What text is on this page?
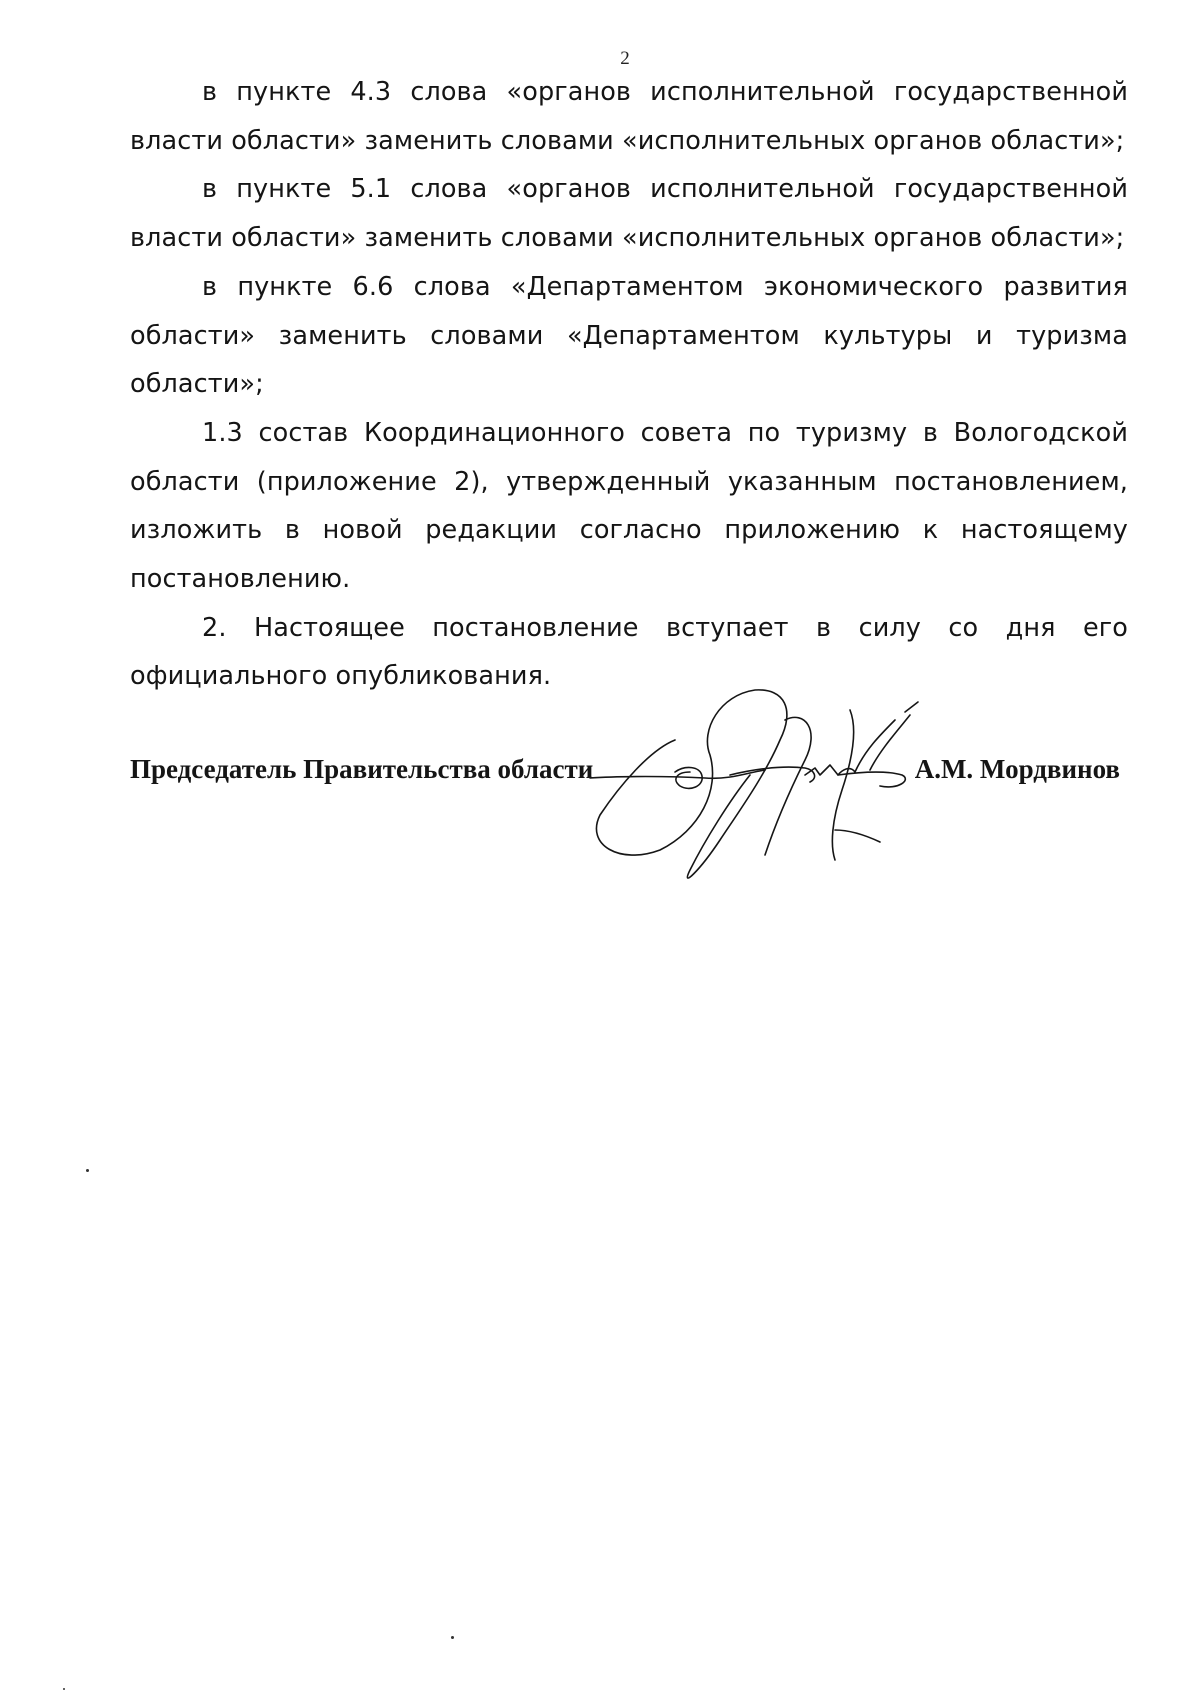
2

в пункте 4.3 слова «органов исполнительной государственной власти области» заменить словами «исполнительных органов области»;

в пункте 5.1 слова «органов исполнительной государственной власти области» заменить словами «исполнительных органов области»;

в пункте 6.6 слова «Департаментом экономического развития области» заменить словами «Департаментом культуры и туризма области»;

1.3 состав Координационного совета по туризму в Вологодской области (приложение 2), утвержденный указанным постановлением, изложить в новой редакции согласно приложению к настоящему постановлению.

2. Настоящее постановление вступает в силу со дня его официального опубликования.

Председатель Правительства области	А.М. Мордвинов
